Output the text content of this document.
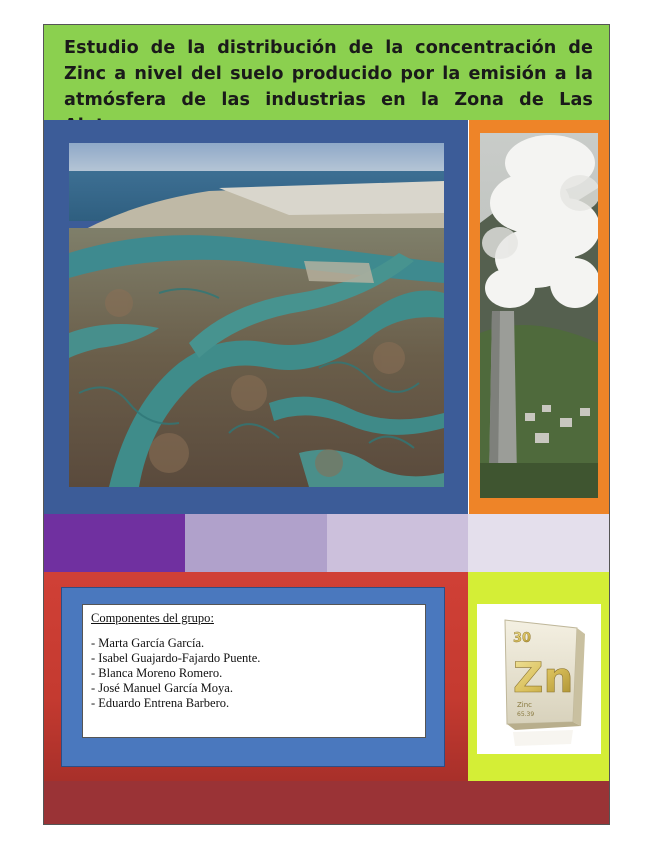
Estudio de la distribución de la concentración de Zinc a nivel del suelo producido por la emisión a la atmósfera de las industrias en la Zona de Las
Componentes del grupo:
- Marta García García.
- Isabel Guajardo-Fajardo Puente.
- Blanca Moreno Romero.
- José Manuel García Moya.
- Eduardo Entrena Barbero.
30
Zn
Zinc
65.39
